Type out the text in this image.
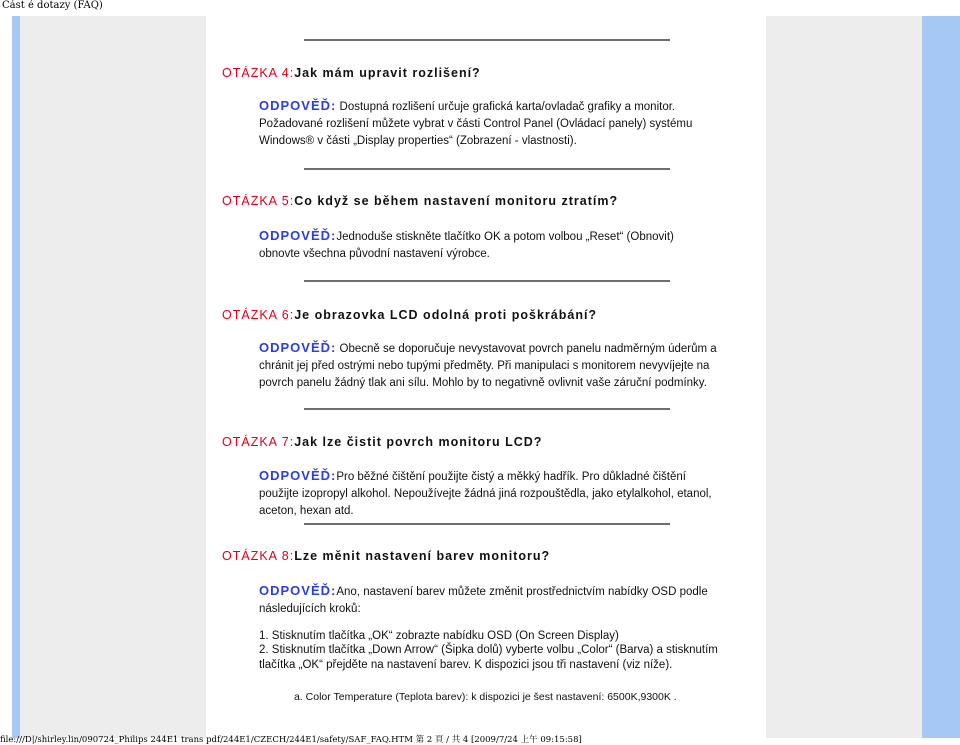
Část é dotazy (FAQ)
OTÁZKA 4:Jak mám upravit rozlišení?
ODPOVĚĎ: Dostupná rozlišení určuje grafická karta/ovladač grafiky a monitor. Požadované rozlišení můžete vybrat v části Control Panel (Ovládací panely) systému Windows® v části „Display properties“ (Zobrazení - vlastnosti).
OTÁZKA 5:Co když se během nastavení monitoru ztratím?
ODPOVĚĎ:Jednoduše stiskněte tlačítko OK a potom volbou „Reset“ (Obnovit) obnovte všechna původní nastavení výrobce.
OTÁZKA 6:Je obrazovka LCD odolná proti poškrábání?
ODPOVĚĎ: Obecně se doporučuje nevystavovat povrch panelu nadměrným úderům a chránit jej před ostrými nebo tupými předměty. Při manipulaci s monitorem nevyvíjejte na povrch panelu žádný tlak ani sílu. Mohlo by to negativně ovlivnit vaše záruční podmínky.
OTÁZKA 7:Jak lze čistit povrch monitoru LCD?
ODPOVĚĎ:Pro běžné čištění použijte čistý a měkký hadřík. Pro důkladné čištění použijte izopropyl alkohol. Nepoužívejte žádná jiná rozpouštědla, jako etylalkohol, etanol, aceton, hexan atd.
OTÁZKA 8:Lze měnit nastavení barev monitoru?
ODPOVĚĎ:Ano, nastavení barev můžete změnit prostřednictvím nabídky OSD podle následujících kroků:
1. Stisknutím tlačítka „OK“ zobrazte nabídku OSD (On Screen Display)
2. Stisknutím tlačítka „Down Arrow“ (Šipka dolů) vyberte volbu „Color“ (Barva) a stisknutím tlačítka „OK“ přejděte na nastavení barev. K dispozici jsou tři nastavení (viz níže).
a. Color Temperature (Teplota barev): k dispozici je šest nastavení: 6500K,9300K .
file:///D|/shirley.lin/090724_Philips 244E1 trans pdf/244E1/CZECH/244E1/safety/SAF_FAQ.HTM 第 2 頁 / 共 4 [2009/7/24 上午 09:15:58]
